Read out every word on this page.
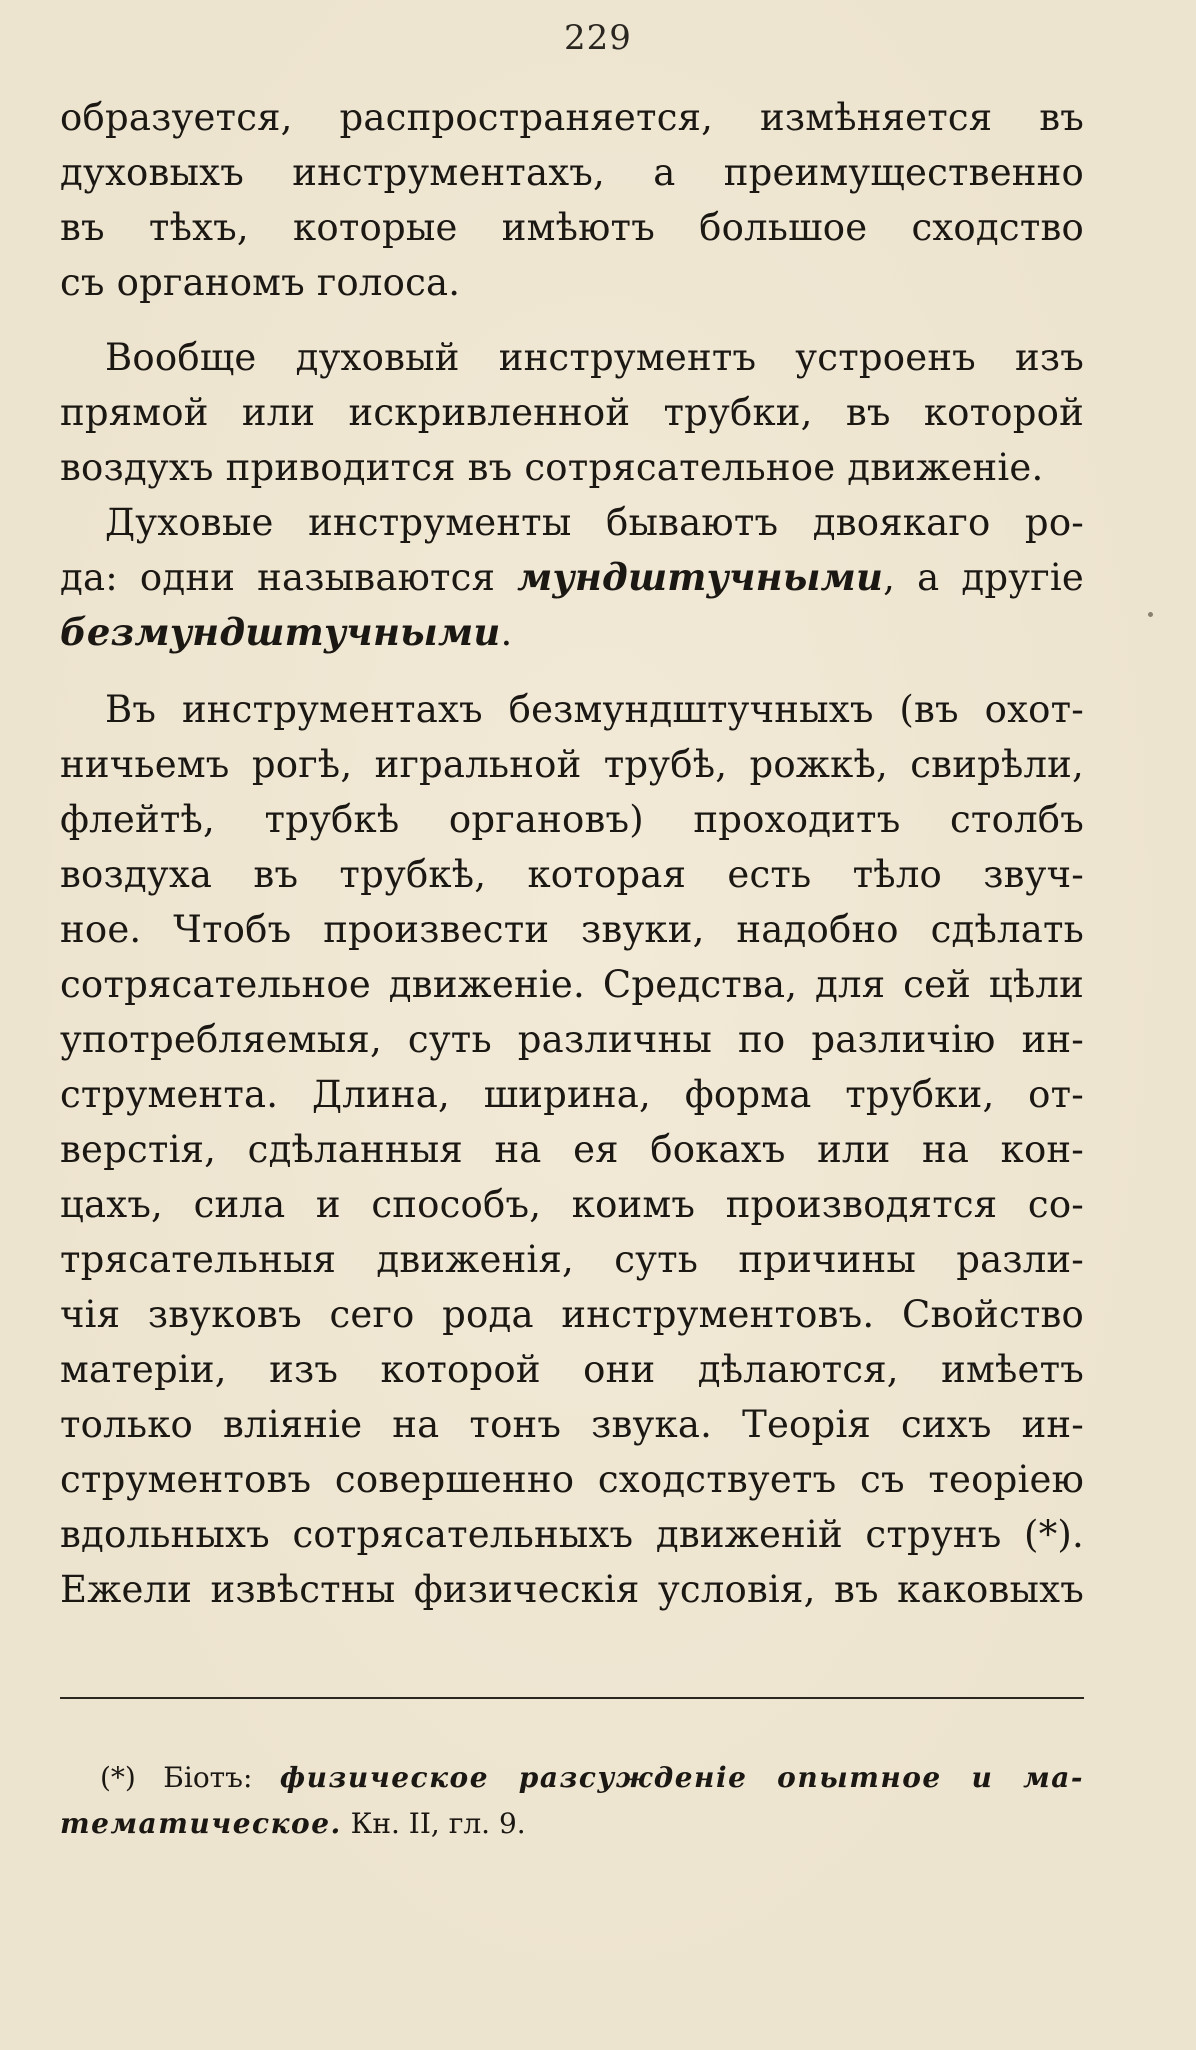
229
образуется, распространяется, измѣняется въ
духовыхъ инструментахъ, а преимущественно
въ тѣхъ, которые имѣютъ большое сходство
съ органомъ голоса.
Вообще духовый инструментъ устроенъ изъ
прямой или искривленной трубки, въ которой
воздухъ приводится въ сотрясательное движеніе.
Духовые инструменты бываютъ двоякаго ро-
да: одни называются мундштучными, а другіе
безмундштучными.
Въ инструментахъ безмундштучныхъ (въ охот-
ничьемъ рогѣ, игральной трубѣ, рожкѣ, свирѣли,
флейтѣ, трубкѣ органовъ) проходитъ столбъ
воздуха въ трубкѣ, которая есть тѣло звуч-
ное. Чтобъ произвести звуки, надобно сдѣлать
сотрясательное движеніе. Средства, для сей цѣли
употребляемыя, суть различны по различію ин-
струмента. Длина, ширина, форма трубки, от-
верстія, сдѣланныя на ея бокахъ или на кон-
цахъ, сила и способъ, коимъ производятся со-
трясательныя движенія, суть причины разли-
чія звуковъ сего рода инструментовъ. Свойство
матеріи, изъ которой они дѣлаются, имѣетъ
только вліяніе на тонъ звука. Теорія сихъ ин-
струментовъ совершенно сходствуетъ съ теоріею
вдольныхъ сотрясательныхъ движеній струнъ (*).
Ежели извѣстны физическія условія, въ каковыхъ
(*) Біотъ: физическое разсужденіе опытное и ма-
тематическое. Кн. II, гл. 9.
